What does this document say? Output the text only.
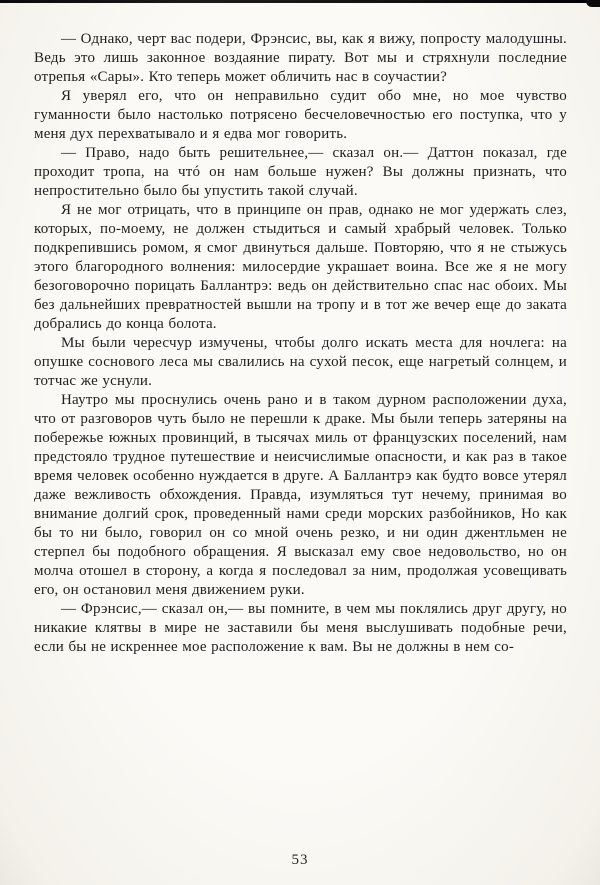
— Однако, черт вас подери, Фрэнсис, вы, как я вижу, попросту малодушны. Ведь это лишь законное воздаяние пирату. Вот мы и стряхнули последние отрепья «Сары». Кто теперь может обличить нас в соучастии?

Я уверял его, что он неправильно судит обо мне, но мое чувство гуманности было настолько потрясено бесчеловечностью его поступка, что у меня дух перехватывало и я едва мог говорить.

— Право, надо быть решительнее,— сказал он.— Даттон показал, где проходит тропа, на чтó он нам больше нужен? Вы должны признать, что непростительно было бы упустить такой случай.

Я не мог отрицать, что в принципе он прав, однако не мог удержать слез, которых, по-моему, не должен стыдиться и самый храбрый человек. Только подкрепившись ромом, я смог двинуться дальше. Повторяю, что я не стыжусь этого благородного волнения: милосердие украшает воина. Все же я не могу безоговорочно порицать Баллантрэ: ведь он действительно спас нас обоих. Мы без дальнейших превратностей вышли на тропу и в тот же вечер еще до заката добрались до конца болота.

Мы были чересчур измучены, чтобы долго искать места для ночлега: на опушке соснового леса мы свалились на сухой песок, еще нагретый солнцем, и тотчас же уснули.

Наутро мы проснулись очень рано и в таком дурном расположении духа, что от разговоров чуть было не перешли к драке. Мы были теперь затеряны на побережье южных провинций, в тысячах миль от французских поселений, нам предстояло трудное путешествие и неисчислимые опасности, и как раз в такое время человек особенно нуждается в друге. А Баллантрэ как будто вовсе утерял даже вежливость обхождения. Правда, изумляться тут нечему, принимая во внимание долгий срок, проведенный нами среди морских разбойников, Но как бы то ни было, говорил он со мной очень резко, и ни один джентльмен не стерпел бы подобного обращения. Я высказал ему свое недовольство, но он молча отошел в сторону, а когда я последовал за ним, продолжая усовещивать его, он остановил меня движением руки.

— Фрэнсис,— сказал он,— вы помните, в чем мы поклялись друг другу, но никакие клятвы в мире не заставили бы меня выслушивать подобные речи, если бы не искреннее мое расположение к вам. Вы не должны в нем со-

53
